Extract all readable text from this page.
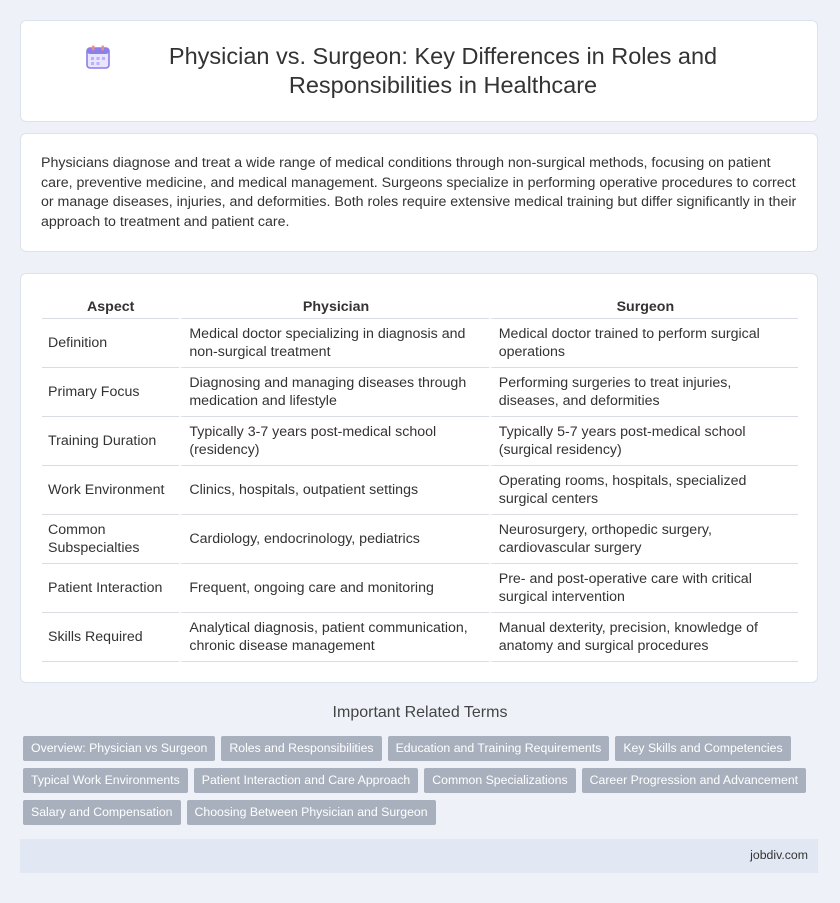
Physician vs. Surgeon: Key Differences in Roles and Responsibilities in Healthcare

Physicians diagnose and treat a wide range of medical conditions through non-surgical methods, focusing on patient care, preventive medicine, and medical management. Surgeons specialize in performing operative procedures to correct or manage diseases, injuries, and deformities. Both roles require extensive medical training but differ significantly in their approach to treatment and patient care.

Aspect	Physician	Surgeon
Definition	Medical doctor specializing in diagnosis and non-surgical treatment	Medical doctor trained to perform surgical operations
Primary Focus	Diagnosing and managing diseases through medication and lifestyle	Performing surgeries to treat injuries, diseases, and deformities
Training Duration	Typically 3-7 years post-medical school (residency)	Typically 5-7 years post-medical school (surgical residency)
Work Environment	Clinics, hospitals, outpatient settings	Operating rooms, hospitals, specialized surgical centers
Common Subspecialties	Cardiology, endocrinology, pediatrics	Neurosurgery, orthopedic surgery, cardiovascular surgery
Patient Interaction	Frequent, ongoing care and monitoring	Pre- and post-operative care with critical surgical intervention
Skills Required	Analytical diagnosis, patient communication, chronic disease management	Manual dexterity, precision, knowledge of anatomy and surgical procedures
Important Related Terms
Overview: Physician vs Surgeon	Roles and Responsibilities	Education and Training Requirements	Key Skills and Competencies
Typical Work Environments	Patient Interaction and Care Approach	Common Specializations	Career Progression and Advancement
Salary and Compensation	Choosing Between Physician and Surgeon
jobdiv.com
